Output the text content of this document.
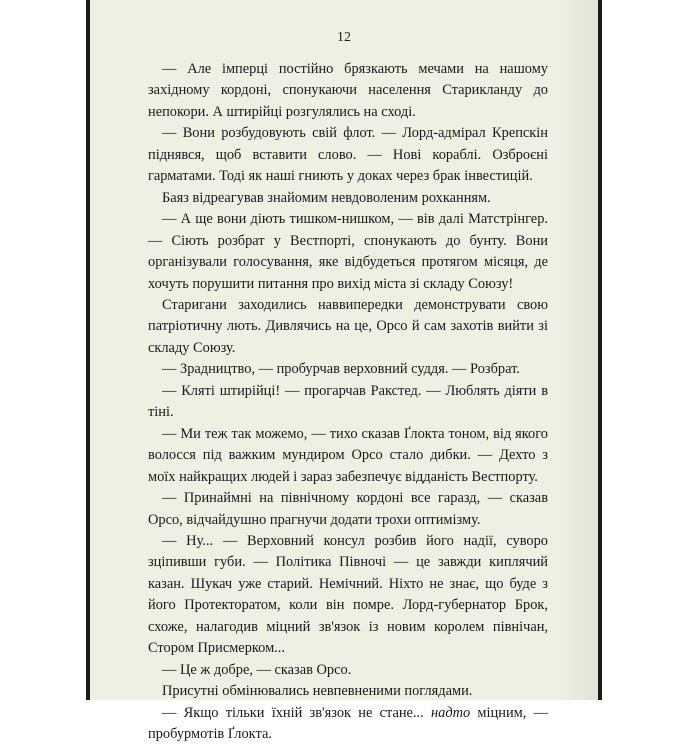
12

— Але імперці постійно брязкають мечами на нашому західному кордоні, спонукаючи населення Старикланду до непокори. А штирійці розгулялись на сході.

— Вони розбудовують свій флот. — Лорд-адмірал Крепскін піднявся, щоб вставити слово. — Нові кораблі. Озброєні гарматами. Тоді як наші гниють у доках через брак інвестицій.

Баяз відреагував знайомим невдоволеним рохканням.

— А ще вони діють тишком-нишком, — вів далі Матстрінгер. — Сіють розбрат у Вестпорті, спонукають до бунту. Вони організували голосування, яке відбудеться протягом місяця, де хочуть порушити питання про вихід міста зі складу Союзу!

Старигани заходились наввипередки демонструвати свою патріотичну лють. Дивлячись на це, Орсо й сам захотів вийти зі складу Союзу.

— Зрадництво, — пробурчав верховний суддя. — Розбрат.

— Кляті штирійці! — прогарчав Ракстед. — Люблять діяти в тіні.

— Ми теж так можемо, — тихо сказав Ґлокта тоном, від якого волосся під важким мундиром Орсо стало дибки. — Дехто з моїх найкращих людей і зараз забезпечує відданість Вестпорту.

— Принаймні на північному кордоні все гаразд, — сказав Орсо, відчайдушно прагнучи додати трохи оптимізму.

— Ну... — Верховний консул розбив його надії, суворо зціпивши губи. — Політика Півночі — це завжди киплячий казан. Шукач уже старий. Немічний. Ніхто не знає, що буде з його Протекторатом, коли він помре. Лорд-губернатор Брок, схоже, налагодив міцний зв'язок із новим королем північан, Стором Присмерком...

— Це ж добре, — сказав Орсо.

Присутні обмінювались невпевненими поглядами.

— Якщо тільки їхній зв'язок не стане... надто міцним, — пробурмотів Ґлокта.
